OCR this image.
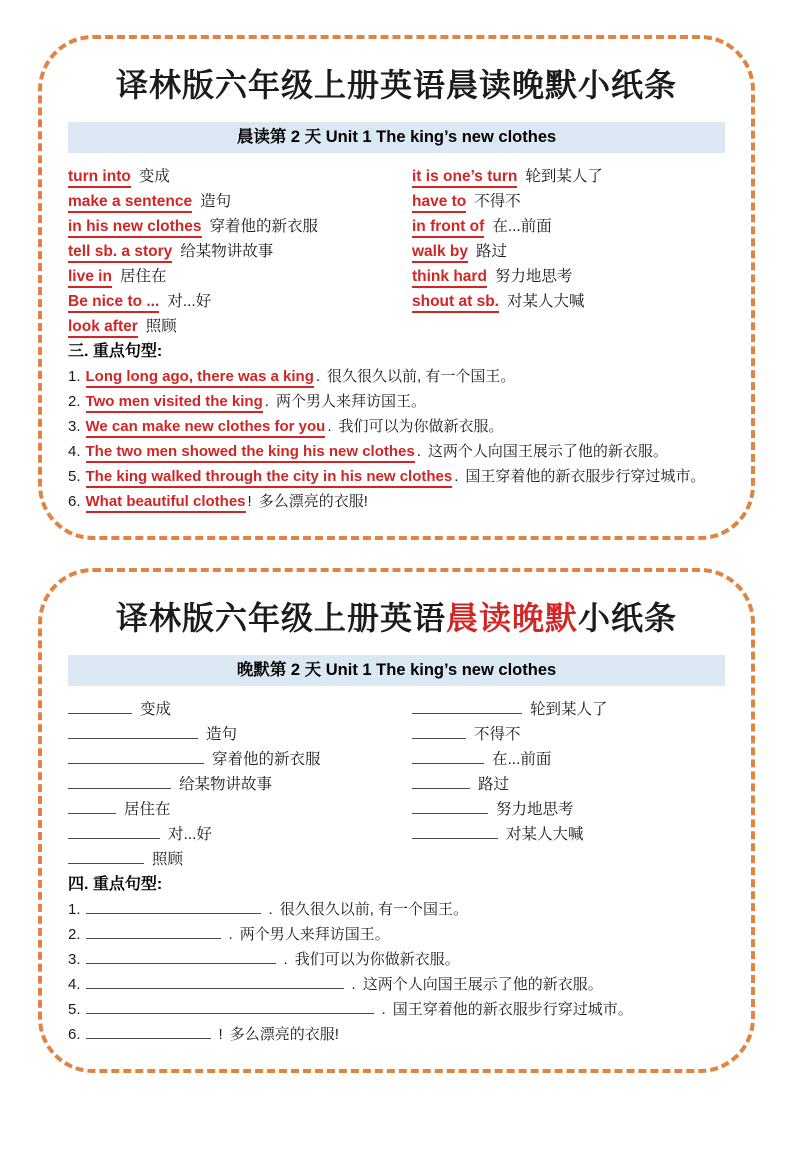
译林版六年级上册英语晨读晚默小纸条
晨读第 2 天 Unit 1 The king’s new clothes
turn into 变成
make a sentence 造句
in his new clothes 穿着他的新衣服
tell sb. a story 给某物讲故事
live in 居住在
Be nice to ... 对...好
look after 照顾
it is one’s turn 轮到某人了
have to 不得不
in front of 在...前面
walk by 路过
think hard 努力地思考
shout at sb. 对某人大喊
三. 重点句型:
1. Long long ago, there was a king . 很久很久以前, 有一个国王。
2. Two men visited the king . 两个男人来拜访国王。
3. We can make new clothes for you . 我们可以为你做新衣服。
4. The two men showed the king his new clothes . 这两个人向国王展示了他的新衣服。
5. The king walked through the city in his new clothes . 国王穿着他的新衣服步行穿过城市。
6. What beautiful clothes ! 多么漂亮的衣服!
译林版六年级上册英语晨读晚默小纸条
晚默第 2 天 Unit 1 The king’s new clothes
变成
造句
穿着他的新衣服
给某物讲故事
居住在
对...好
照顾
轮到某人了
不得不
在...前面
路过
努力地思考
对某人大喊
四. 重点句型:
1.	. 很久很久以前, 有一个国王。
2.	. 两个男人来拜访国王。
3.	. 我们可以为你做新衣服。
4.	. 这两个人向国王展示了他的新衣服。
5.	. 国王穿着他的新衣服步行穿过城市。
6.	! 多么漂亮的衣服!
